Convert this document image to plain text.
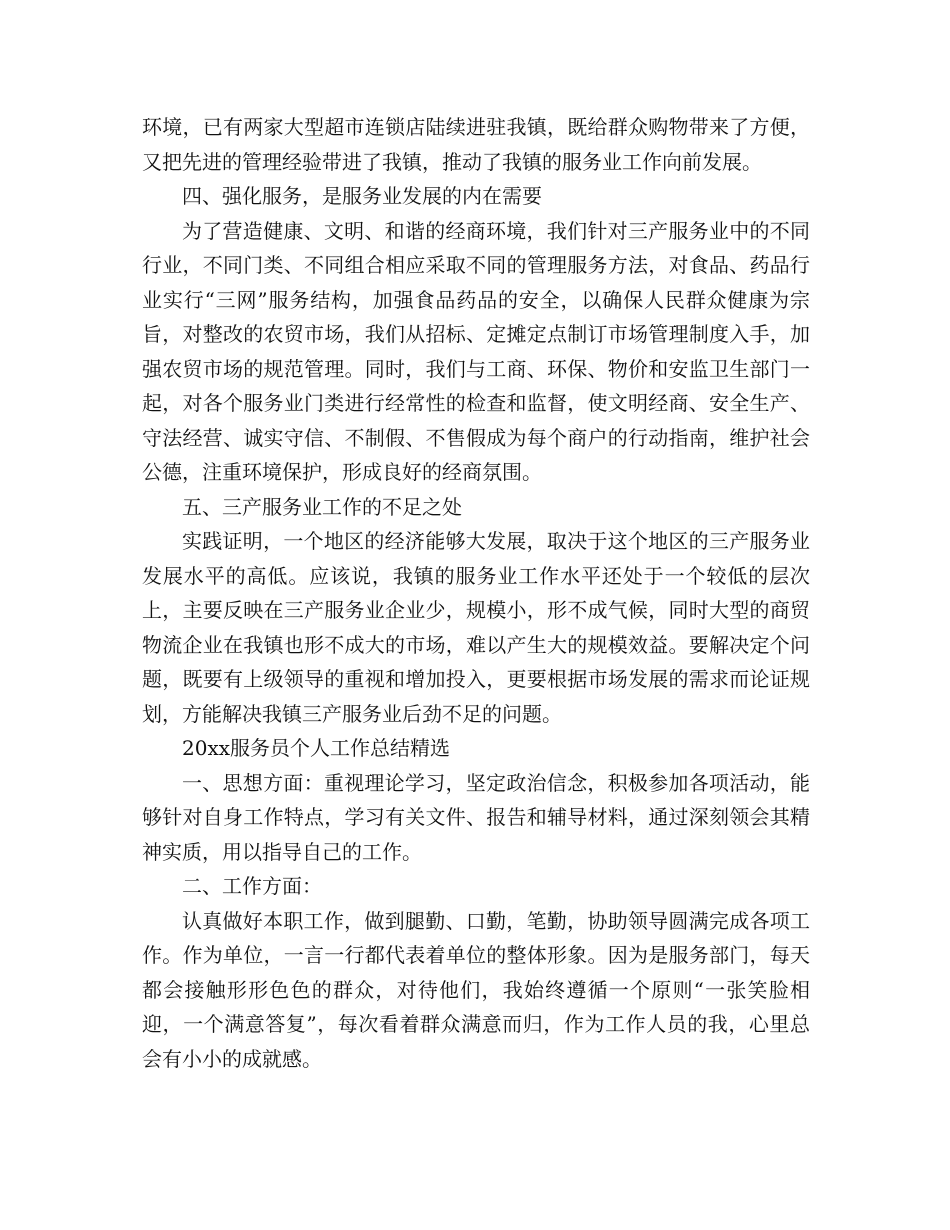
环境，已有两家大型超市连锁店陆续进驻我镇，既给群众购物带来了方便，又把先进的管理经验带进了我镇，推动了我镇的服务业工作向前发展。

四、强化服务，是服务业发展的内在需要

为了营造健康、文明、和谐的经商环境，我们针对三产服务业中的不同行业，不同门类、不同组合相应采取不同的管理服务方法，对食品、药品行业实行“三网”服务结构，加强食品药品的安全，以确保人民群众健康为宗旨，对整改的农贸市场，我们从招标、定摊定点制订市场管理制度入手，加强农贸市场的规范管理。同时，我们与工商、环保、物价和安监卫生部门一起，对各个服务业门类进行经常性的检查和监督，使文明经商、安全生产、守法经营、诚实守信、不制假、不售假成为每个商户的行动指南，维护社会公德，注重环境保护，形成良好的经商氛围。

五、三产服务业工作的不足之处

实践证明，一个地区的经济能够大发展，取决于这个地区的三产服务业发展水平的高低。应该说，我镇的服务业工作水平还处于一个较低的层次上，主要反映在三产服务业企业少，规模小，形不成气候，同时大型的商贸物流企业在我镇也形不成大的市场，难以产生大的规模效益。要解决定个问题，既要有上级领导的重视和增加投入，更要根据市场发展的需求而论证规划，方能解决我镇三产服务业后劲不足的问题。

20xx服务员个人工作总结精选

一、思想方面：重视理论学习，坚定政治信念，积极参加各项活动，能够针对自身工作特点，学习有关文件、报告和辅导材料，通过深刻领会其精神实质，用以指导自己的工作。

二、工作方面：

认真做好本职工作，做到腿勤、口勤，笔勤，协助领导圆满完成各项工作。作为单位，一言一行都代表着单位的整体形象。因为是服务部门，每天都会接触形形色色的群众，对待他们，我始终遵循一个原则“一张笑脸相迎，一个满意答复”，每次看着群众满意而归，作为工作人员的我，心里总会有小小的成就感。
